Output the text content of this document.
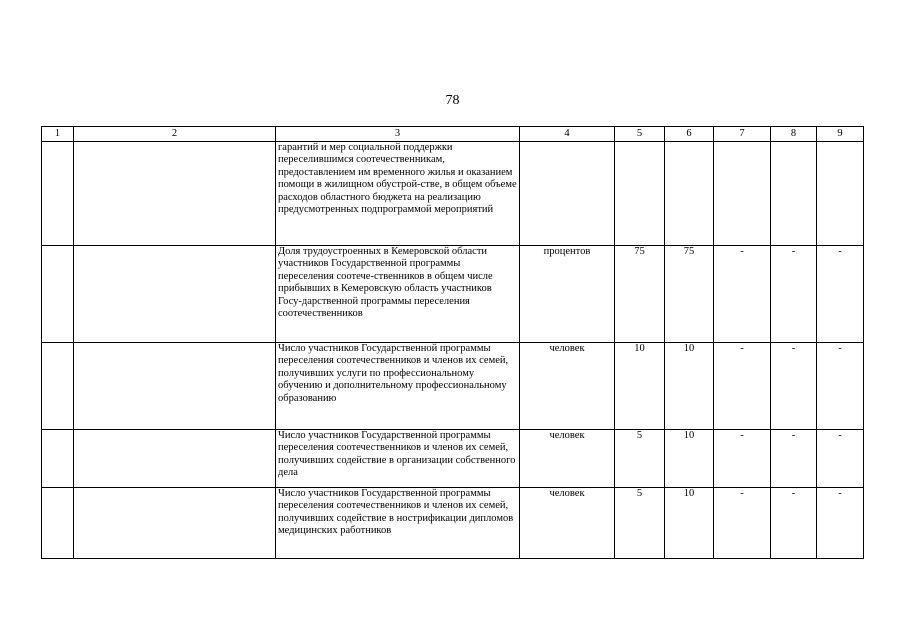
78
1	2	3	4	5	6	7	8	9
		гарантий и мер социальной поддержки переселившимся соотечественникам, предоставлением им временного жилья и оказанием помощи в жилищном обустрой-стве, в общем объеме расходов областного бюджета на реализацию предусмотренных подпрограммой мероприятий						
		Доля трудоустроенных в Кемеровской области участников Государственной программы переселения соотече-ственников в общем числе прибывших в Кемеровскую область участников Госу-дарственной программы переселения соотечественников	процентов	75	75	-	-	-
		Число участников Государственной программы переселения соотечественников и членов их семей, получивших услуги по профессиональному обучению и дополнительному профессиональному образованию	человек	10	10	-	-	-
		Число участников Государственной программы переселения соотечественников и членов их семей, получивших содействие в организации собственного дела	человек	5	10	-	-	-
		Число участников Государственной программы переселения соотечественников и членов их семей, получивших содействие в нострификации дипломов медицинских работников	человек	5	10	-	-	-
